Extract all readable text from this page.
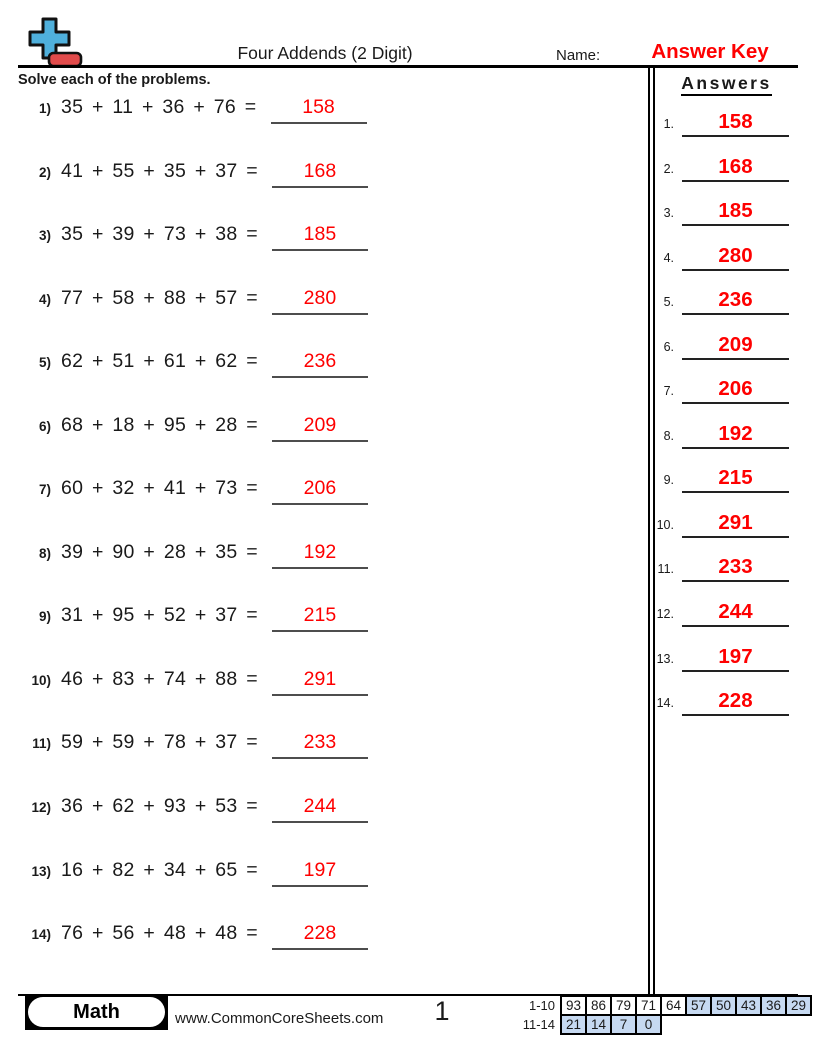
Four Addends (2 Digit)	Name:	Answer Key
Solve each of the problems.	Answers
1) 35 + 11 + 36 + 76 =	158
2) 41 + 55 + 35 + 37 =	168
3) 35 + 39 + 73 + 38 =	185
4) 77 + 58 + 88 + 57 =	280
5) 62 + 51 + 61 + 62 =	236
6) 68 + 18 + 95 + 28 =	209
7) 60 + 32 + 41 + 73 =	206
8) 39 + 90 + 28 + 35 =	192
9) 31 + 95 + 52 + 37 =	215
10) 46 + 83 + 74 + 88 =	291
11) 59 + 59 + 78 + 37 =	233
12) 36 + 62 + 93 + 53 =	244
13) 16 + 82 + 34 + 65 =	197
14) 76 + 56 + 48 + 48 =	228
1.	158
2.	168
3.	185
4.	280
5.	236
6.	209
7.	206
8.	192
9.	215
10.	291
11.	233
12.	244
13.	197
14.	228
Math	www.CommonCoreSheets.com	1	1-10	93	86	79	71	64	57	50	43	36	29
11-14	21	14	7	0						
